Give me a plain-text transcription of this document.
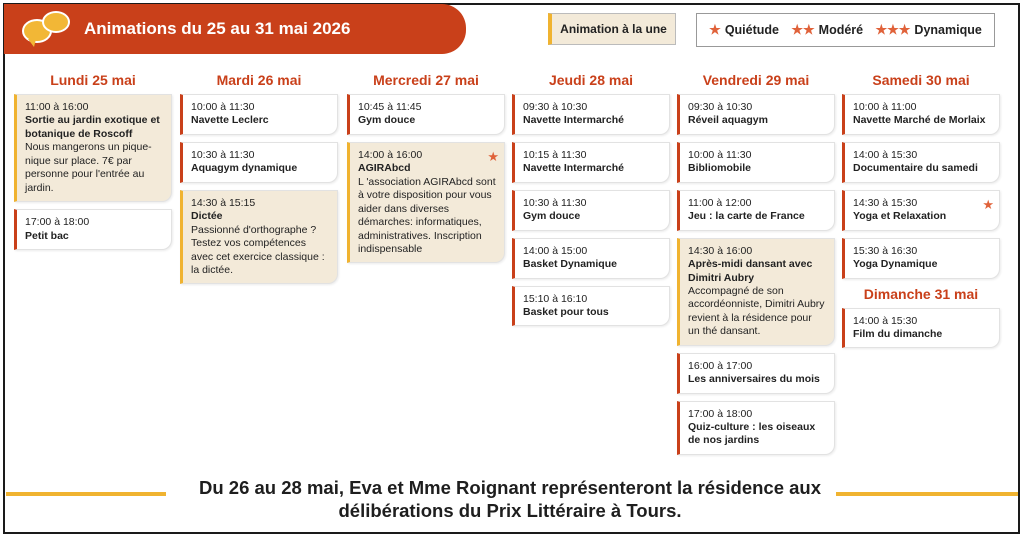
Animations du 25 au 31 mai 2026	Animation à la une	★ Quiétude ★★ Modéré ★★★ Dynamique
Lundi 25 mai
11:00 à 16:00
Sortie au jardin exotique et botanique de Roscoff
Nous mangerons un pique-nique sur place. 7€ par personne pour l'entrée au jardin.
17:00 à 18:00
Petit bac
Mardi 26 mai
10:00 à 11:30
Navette Leclerc
10:30 à 11:30
Aquagym dynamique
14:30 à 15:15
Dictée
Passionné d'orthographe ? Testez vos compétences avec cet exercice classique : la dictée.
Mercredi 27 mai
10:45 à 11:45
Gym douce
★
14:00 à 16:00
AGIRAbcd
L 'association AGIRAbcd sont à votre disposition pour vous aider dans diverses démarches: informatiques, administratives. Inscription indispensable
Jeudi 28 mai
09:30 à 10:30
Navette Intermarché
10:15 à 11:30
Navette Intermarché
10:30 à 11:30
Gym douce
14:00 à 15:00
Basket Dynamique
15:10 à 16:10
Basket pour tous
Vendredi 29 mai
09:30 à 10:30
Réveil aquagym
10:00 à 11:30
Bibliomobile
11:00 à 12:00
Jeu : la carte de France
14:30 à 16:00
Après-midi dansant avec Dimitri Aubry
Accompagné de son accordéonniste, Dimitri Aubry revient à la résidence pour un thé dansant.
16:00 à 17:00
Les anniversaires du mois
17:00 à 18:00
Quiz-culture : les oiseaux de nos jardins
Samedi 30 mai
10:00 à 11:00
Navette Marché de Morlaix
14:00 à 15:30
Documentaire du samedi
★
14:30 à 15:30
Yoga et Relaxation
15:30 à 16:30
Yoga Dynamique
Dimanche 31 mai
14:00 à 15:30
Film du dimanche
Du 26 au 28 mai, Eva et Mme Roignant représenteront la résidence aux délibérations du Prix Littéraire à Tours.
